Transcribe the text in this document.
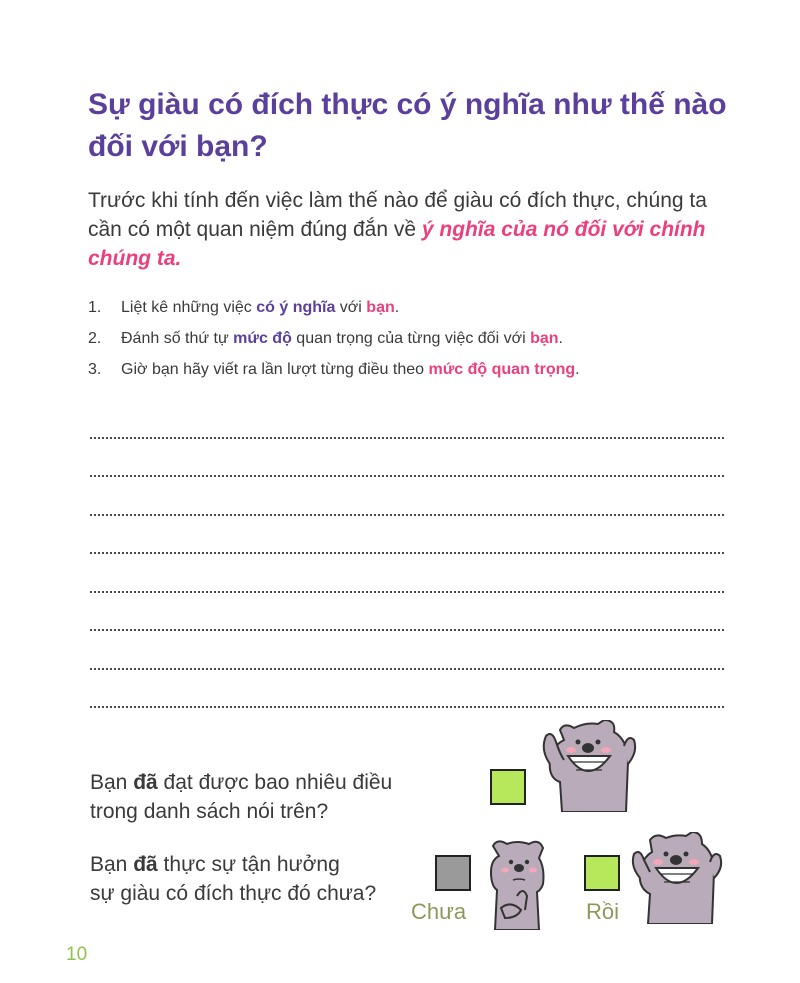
Sự giàu có đích thực có ý nghĩa như thế nào
đối với bạn?

Trước khi tính đến việc làm thế nào để giàu có đích thực, chúng ta cần có một quan niệm đúng đắn về ý nghĩa của nó đối với chính chúng ta.

1.	Liệt kê những việc có ý nghĩa với bạn.
2.	Đánh số thứ tự mức độ quan trọng của từng việc đối với bạn.
3.	Giờ bạn hãy viết ra lần lượt từng điều theo mức độ quan trọng.
Bạn đã đạt được bao nhiêu điều
trong danh sách nói trên?
Bạn đã thực sự tận hưởng
sự giàu có đích thực đó chưa?
Chưa	Rồi
10
